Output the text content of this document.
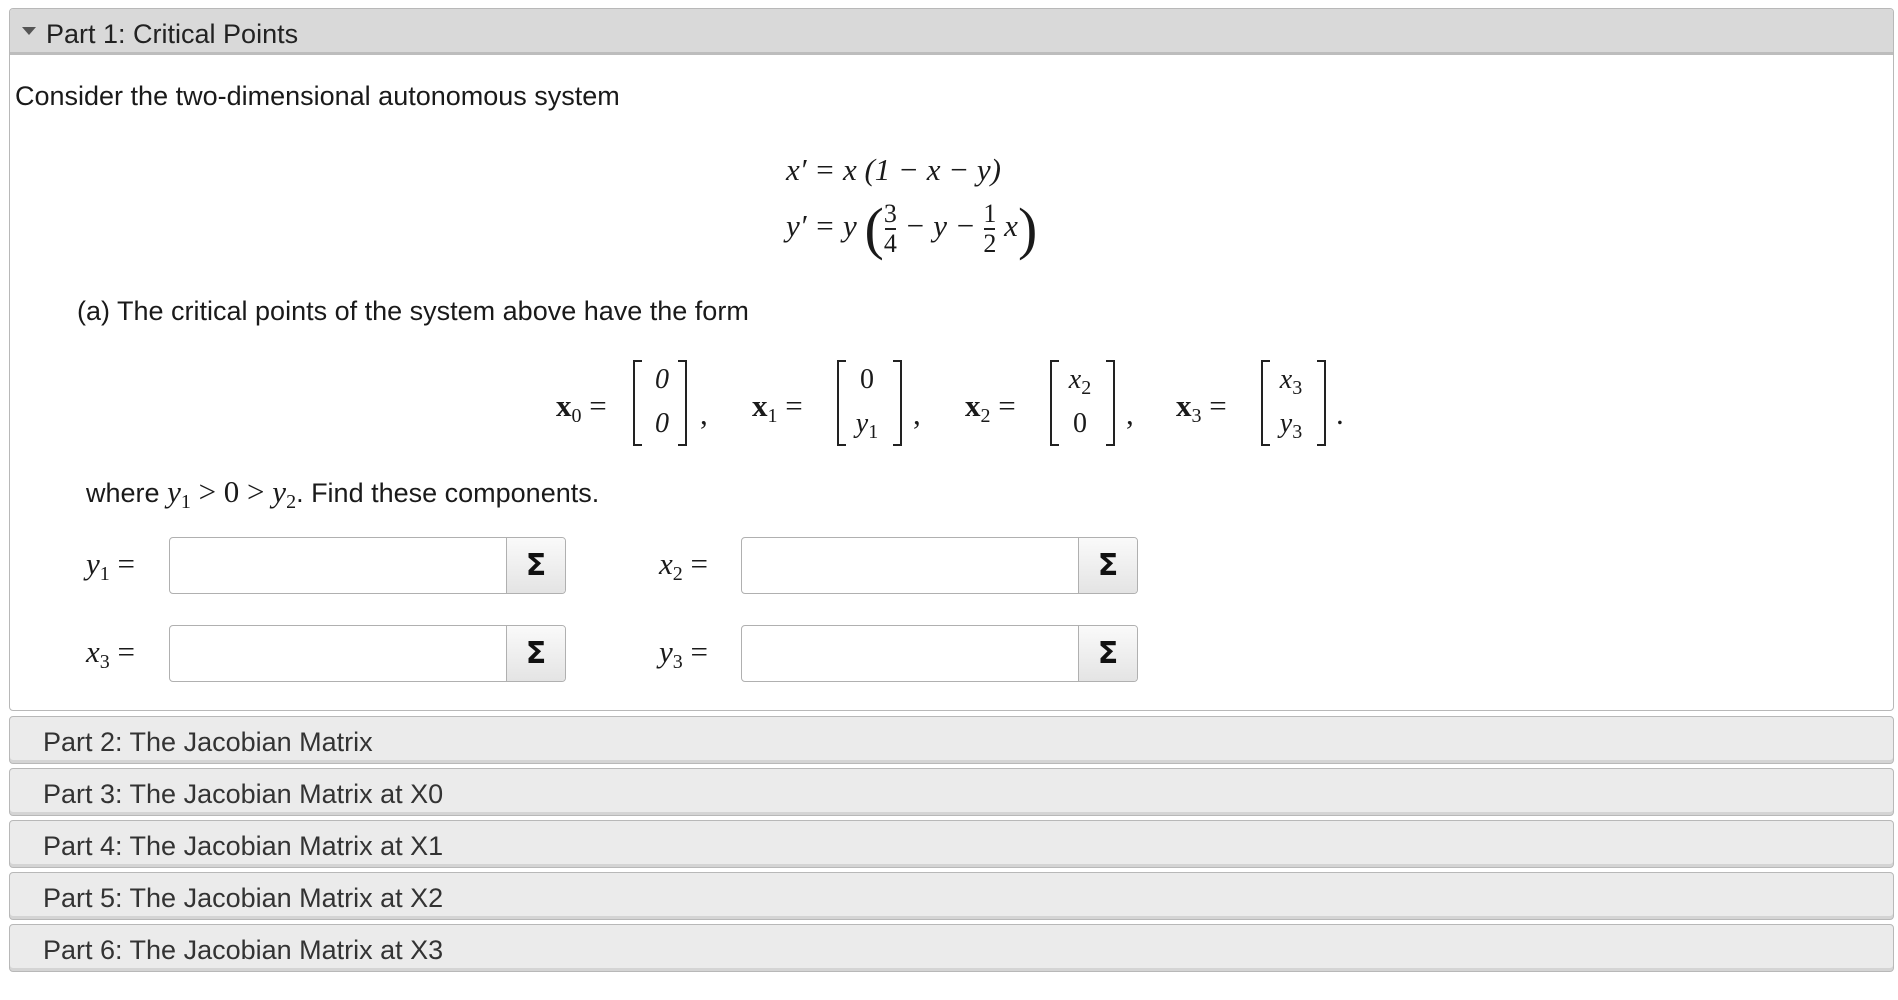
Part 1: Critical Points
Consider the two-dimensional autonomous system
x′ = x (1 − x − y)
y′ = y ( $\frac{3}{4} - y - \frac{1}{2} x$)
(a) The critical points of the system above have the form
$x_0$ =
0
0	, $x_1$ =
0
$y_1$
, $x_2$ =
$x_2$
0	, $x_3$ =
$x_3$
$y_3$
.
where $y_1 > 0 > y_2$. Find these components.
$y_1$ =	Σ	$x_2$ =	Σ
$x_3$ =	Σ	$y_3$ =	Σ
Part 2: The Jacobian Matrix
Part 3: The Jacobian Matrix at X0
Part 4: The Jacobian Matrix at X1
Part 5: The Jacobian Matrix at X2
Part 6: The Jacobian Matrix at X3
